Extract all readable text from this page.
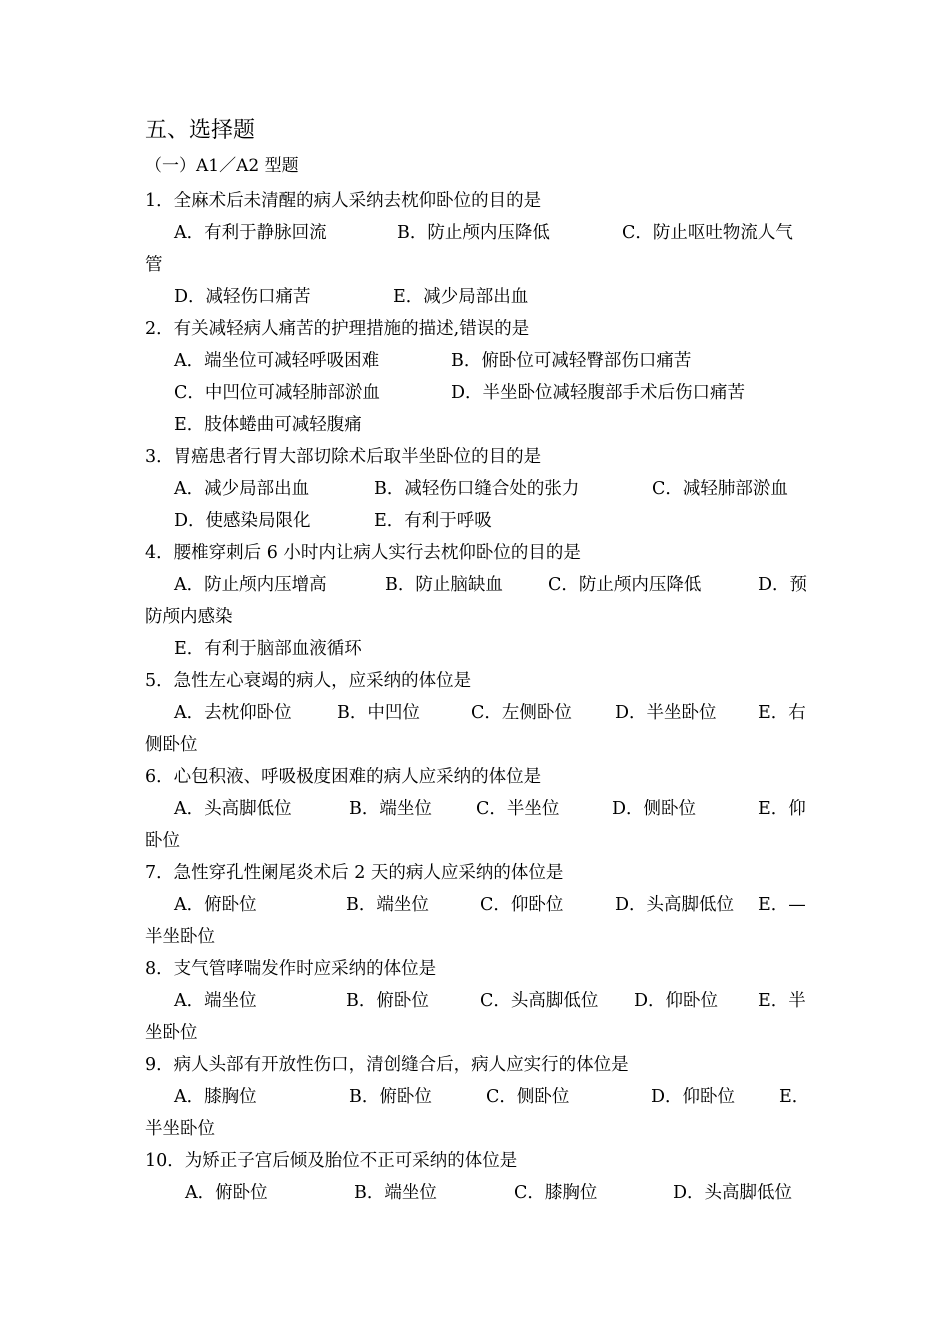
五、选择题
（一）A1／A2 型题
1．全麻术后未清醒的病人采纳去枕仰卧位的目的是
A．有利于静脉回流	B．防止颅内压降低	C．防止呕吐物流人气
管
D．减轻伤口痛苦	E．减少局部出血
2．有关减轻病人痛苦的护理措施的描述,错误的是
A．端坐位可减轻呼吸困难	B．俯卧位可减轻臀部伤口痛苦
C．中凹位可减轻肺部淤血	D．半坐卧位减轻腹部手术后伤口痛苦
E．肢体蜷曲可减轻腹痛
3．胃癌患者行胃大部切除术后取半坐卧位的目的是
A．减少局部出血	B．减轻伤口缝合处的张力	C．减轻肺部淤血
D．使感染局限化	E．有利于呼吸
4．腰椎穿刺后 6 小时内让病人实行去枕仰卧位的目的是
A．防止颅内压增高	B．防止脑缺血	C．防止颅内压降低	D．预
防颅内感染
E．有利于脑部血液循环
5．急性左心衰竭的病人，应采纳的体位是
A．去枕仰卧位	B．中凹位	C．左侧卧位 D．半坐卧位 E．右
侧卧位
6．心包积液、呼吸极度困难的病人应采纳的体位是
A．头高脚低位	B．端坐位	C．半坐位	D．侧卧位	E．仰
卧位
7．急性穿孔性阑尾炎术后 2 天的病人应采纳的体位是
A．俯卧位	B．端坐位	C．仰卧位	D．头高脚低位 E．—
半坐卧位
8．支气管哮喘发作时应采纳的体位是
A．端坐位	B．俯卧位	C．头高脚低位 D．仰卧位 E．半
坐卧位
9．病人头部有开放性伤口，清创缝合后，病人应实行的体位是
A．膝胸位	B．俯卧位	C．侧卧位	D．仰卧位	E．
半坐卧位
10．为矫正子宫后倾及胎位不正可采纳的体位是
A．俯卧位	B．端坐位	C．膝胸位	D．头高脚低位
